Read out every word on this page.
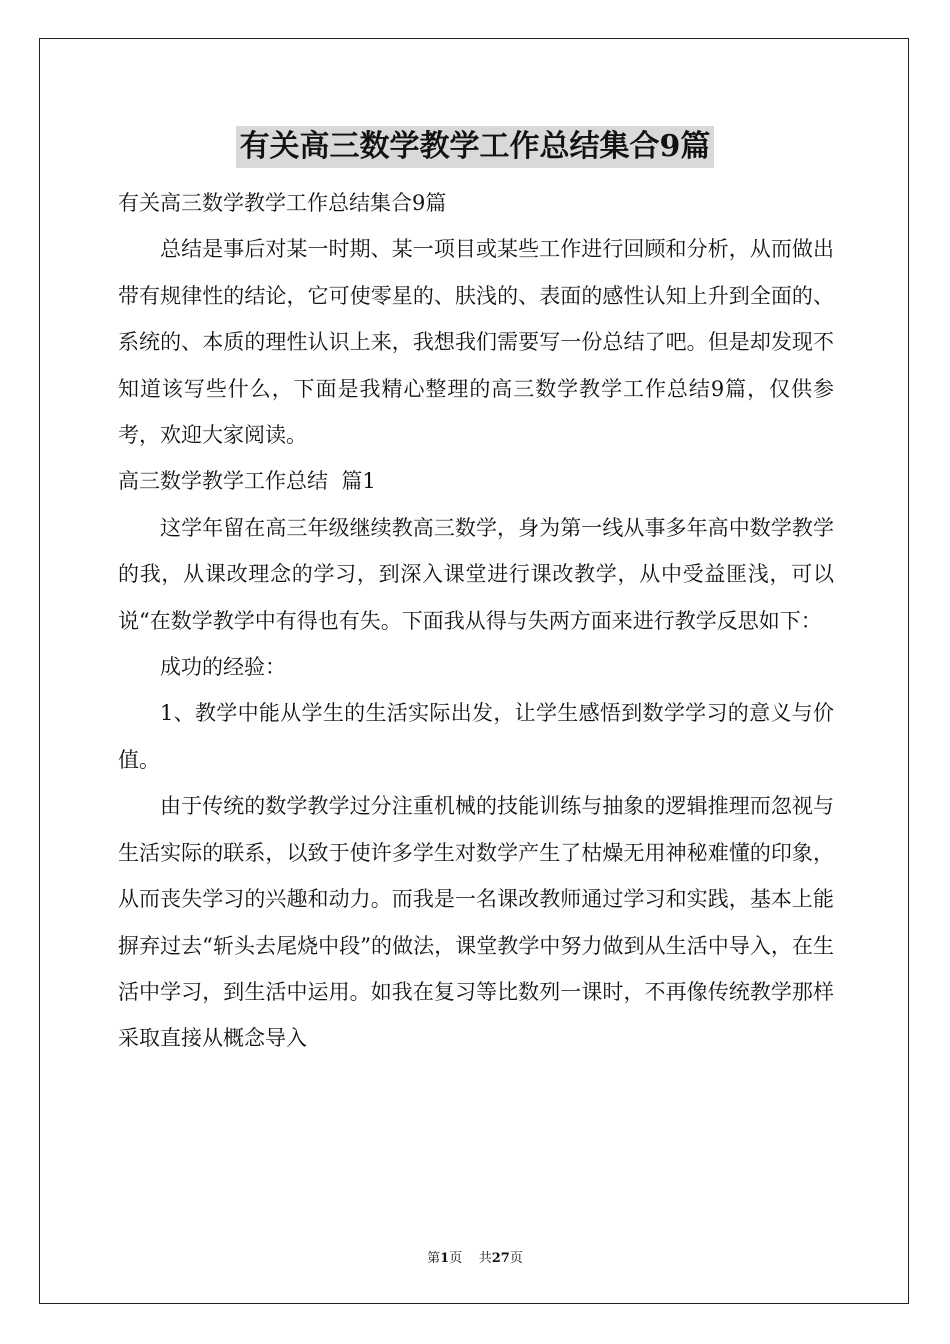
有关高三数学教学工作总结集合9篇

有关高三数学教学工作总结集合9篇

总结是事后对某一时期、某一项目或某些工作进行回顾和分析，从而做出带有规律性的结论，它可使零星的、肤浅的、表面的感性认知上升到全面的、系统的、本质的理性认识上来，我想我们需要写一份总结了吧。但是却发现不知道该写些什么，下面是我精心整理的高三数学教学工作总结9篇，仅供参考，欢迎大家阅读。

高三数学教学工作总结  篇1

这学年留在高三年级继续教高三数学，身为第一线从事多年高中数学教学的我，从课改理念的学习，到深入课堂进行课改教学，从中受益匪浅，可以说“在数学教学中有得也有失。下面我从得与失两方面来进行教学反思如下：

成功的经验：

1、教学中能从学生的生活实际出发，让学生感悟到数学学习的意义与价值。

由于传统的数学教学过分注重机械的技能训练与抽象的逻辑推理而忽视与生活实际的联系，以致于使许多学生对数学产生了枯燥无用神秘难懂的印象，从而丧失学习的兴趣和动力。而我是一名课改教师通过学习和实践，基本上能摒弃过去“斩头去尾烧中段”的做法，课堂教学中努力做到从生活中导入，在生活中学习，到生活中运用。如我在复习等比数列一课时，不再像传统教学那样采取直接从概念导入

第1页    共27页
